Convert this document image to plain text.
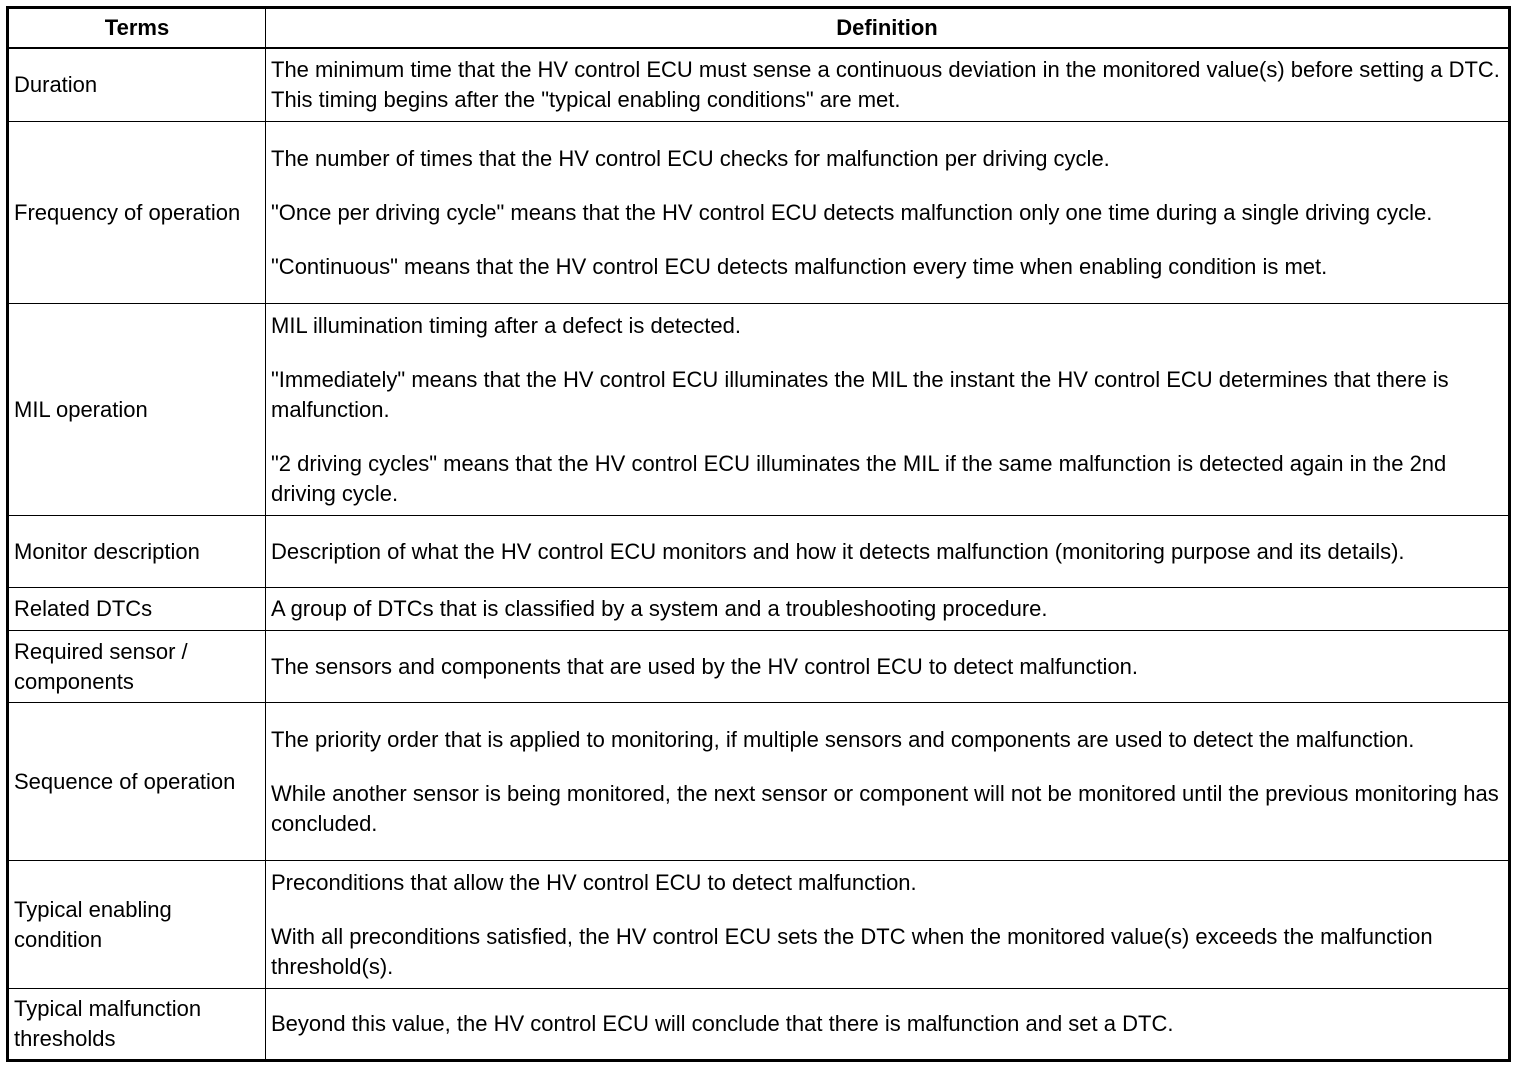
Terms	Definition
Duration	The minimum time that the HV control ECU must sense a continuous deviation in the monitored value(s) before setting a DTC. This timing begins after the "typical enabling conditions" are met.

Frequency of operation	The number of times that the HV control ECU checks for malfunction per driving cycle.

"Once per driving cycle" means that the HV control ECU detects malfunction only one time during a single driving cycle.

"Continuous" means that the HV control ECU detects malfunction every time when enabling condition is met.

MIL operation	MIL illumination timing after a defect is detected.

"Immediately" means that the HV control ECU illuminates the MIL the instant the HV control ECU determines that there is malfunction.

"2 driving cycles" means that the HV control ECU illuminates the MIL if the same malfunction is detected again in the 2nd driving cycle.

Monitor description	Description of what the HV control ECU monitors and how it detects malfunction (monitoring purpose and its details).

Related DTCs	A group of DTCs that is classified by a system and a troubleshooting procedure.

Required sensor / components	The sensors and components that are used by the HV control ECU to detect malfunction.

Sequence of operation	The priority order that is applied to monitoring, if multiple sensors and components are used to detect the malfunction.

While another sensor is being monitored, the next sensor or component will not be monitored until the previous monitoring has concluded.

Typical enabling condition	Preconditions that allow the HV control ECU to detect malfunction.

With all preconditions satisfied, the HV control ECU sets the DTC when the monitored value(s) exceeds the malfunction threshold(s).

Typical malfunction thresholds	Beyond this value, the HV control ECU will conclude that there is malfunction and set a DTC.
